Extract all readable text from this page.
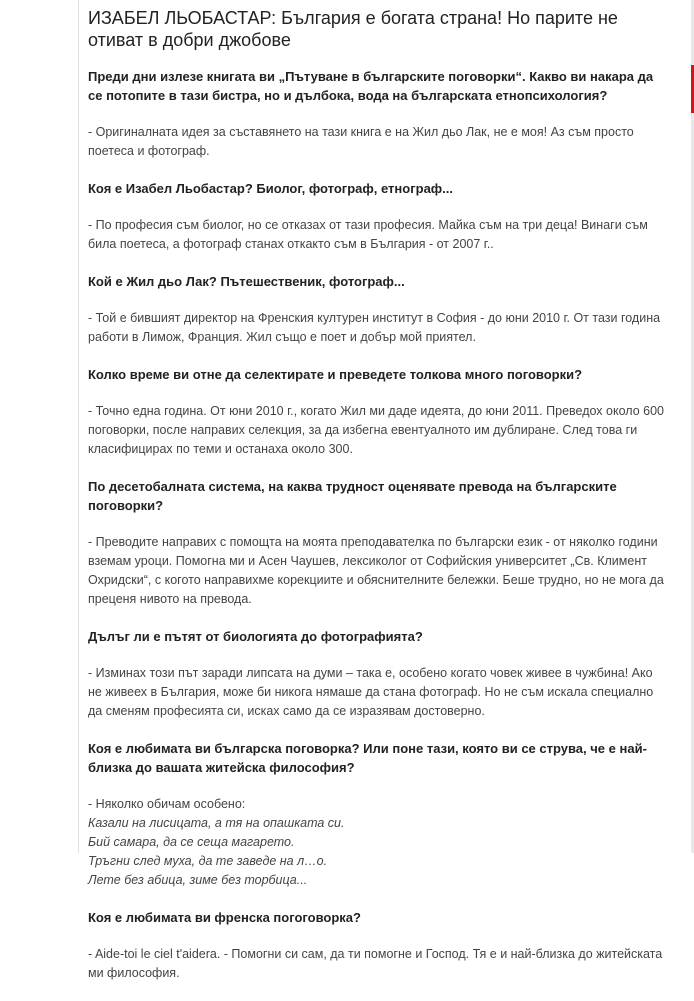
ИЗАБЕЛ ЛЬОБАСТАР: България е богата страна! Но парите не отиват в добри джобове

Преди дни излезе книгата ви „Пътуване в българските поговорки“. Какво ви накара да се потопите в тази бистра, но и дълбока, вода на българската етнопсихология?

- Оригиналната идея за съставянето на тази книга е на Жил дьо Лак, не е моя! Аз съм просто поетеса и фотограф.

Коя е Изабел Льобастар? Биолог, фотограф, етнограф...

- По професия съм биолог, но се отказах от тази професия. Майка съм на три деца! Винаги съм била поетеса, а фотограф станах откакто съм в България - от 2007 г..

Кой е Жил дьо Лак? Пътешественик, фотограф...

- Той е бившият директор на Френския културен институт в София - до юни 2010 г. От тази година работи в Лимож, Франция. Жил също е поет и добър мой приятел.

Колко време ви отне да селектирате и преведете толкова много поговорки?

- Точно една година. От юни 2010 г., когато Жил ми даде идеята, до юни 2011. Преведох около 600 поговорки, после направих селекция, за да избегна евентуалното им дублиране. След това ги класифицирах по теми и останаха около 300.

По десетобалната система, на каква трудност оценявате превода на българските поговорки?

- Преводите направих с помощта на моята преподавателка по български език - от няколко години вземам уроци. Помогна ми и Асен Чаушев, лексиколог от Софийския университет „Св. Климент Охридски“, с когото направихме корекциите и обяснителните бележки. Беше трудно, но не мога да преценя нивото на превода.

Дълъг ли е пътят от биологията до фотографията?

- Изминах този път заради липсата на думи – така е, особено когато човек живее в чужбина! Ако не живеех в България, може би никога нямаше да стана фотограф. Но не съм искала специално да сменям професията си, исках само да се изразявам достоверно.

Коя е любимата ви българска поговорка? Или поне тази, която ви се струва, че е най-близка до вашата житейска философия?

- Няколко обичам особено:
Казали на лисицата, а тя на опашката си.
Бий самара, да се сеща магарето.
Тръгни след муха, да те заведе на л…о.
Лете без абица, зиме без торбица...

Коя е любимата ви френска погоговорка?

- Aide-toi le ciel t'aidera. - Помогни си сам, да ти помогне и Господ. Тя е и най-близка до житейската ми философия.
